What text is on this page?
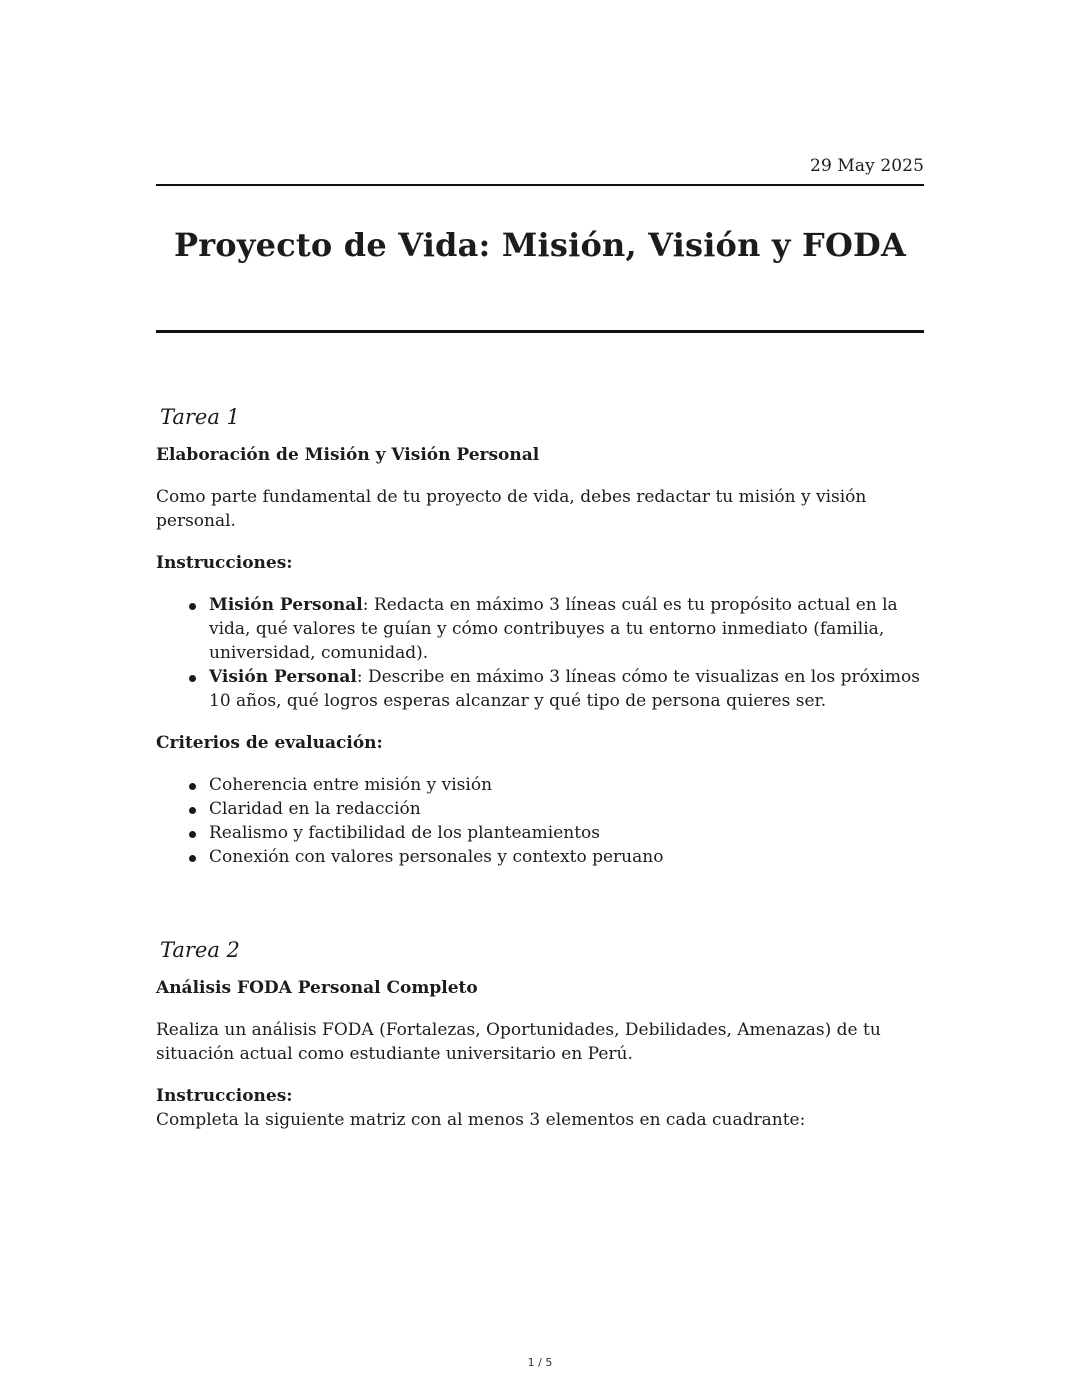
29 May 2025
Proyecto de Vida: Misión, Visión y FODA
Tarea 1
Elaboración de Misión y Visión Personal

Como parte fundamental de tu proyecto de vida, debes redactar tu misión y visión personal.

Instrucciones:
Misión Personal: Redacta en máximo 3 líneas cuál es tu propósito actual en la vida, qué valores te guían y cómo contribuyes a tu entorno inmediato (familia, universidad, comunidad).
Visión Personal: Describe en máximo 3 líneas cómo te visualizas en los próximos 10 años, qué logros esperas alcanzar y qué tipo de persona quieres ser.
Criterios de evaluación:
Coherencia entre misión y visión
Claridad en la redacción
Realismo y factibilidad de los planteamientos
Conexión con valores personales y contexto peruano
Tarea 2
Análisis FODA Personal Completo

Realiza un análisis FODA (Fortalezas, Oportunidades, Debilidades, Amenazas) de tu situación actual como estudiante universitario en Perú.

Instrucciones:

Completa la siguiente matriz con al menos 3 elementos en cada cuadrante:

1 / 5
